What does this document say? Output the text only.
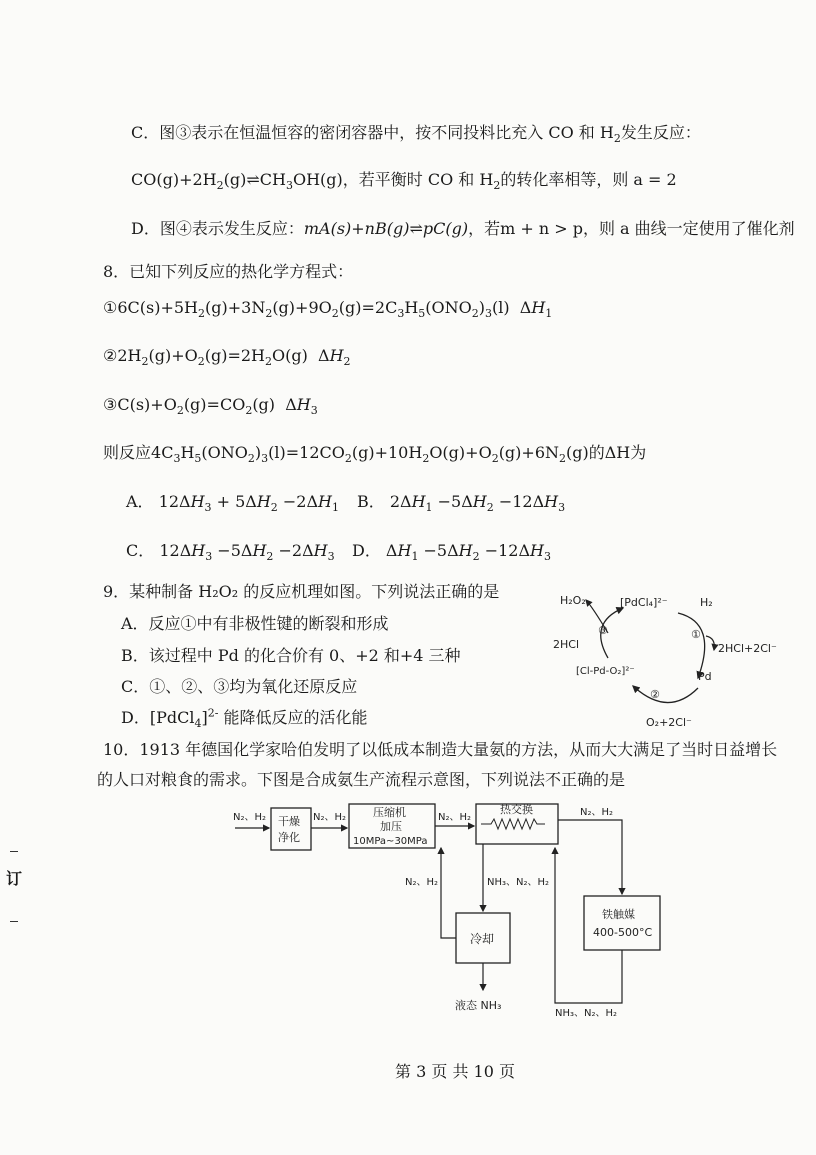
C．图③表示在恒温恒容的密闭容器中，按不同投料比充入 CO 和 $H_2$发生反应：
$CO(g)+2H_2(g)\rightleftharpoons CH_3OH(g)$，若平衡时 CO 和 $H_2$的转化率相等，则 a = 2
D．图④表示发生反应：mA(s)+nB(g)⇌pC(g)，若m + n > p，则 a 曲线一定使用了催化剂
8．已知下列反应的热化学方程式：
$①6C(s)+5H_2(g)+3N_2(g)+9O_2(g)=2C_3H_5(ONO_2)_3(l)$  $\Delta H_1$
$②2H_2(g)+O_2(g)=2H_2O(g)$  $\Delta H_2$
$③C(s)+O_2(g)=CO_2(g)$  $\Delta H_3$
则反应$4C_3H_5(ONO_2)_3(l)=12CO_2(g)+10H_2O(g)+O_2(g)+6N_2(g)$的ΔH为
A． $12\Delta H_3 + 5\Delta H_2 -2\Delta H_1$ B． $2\Delta H_1 -5\Delta H_2 -12\Delta H_3$
C． $12\Delta H_3 -5\Delta H_2 -2\Delta H_3$ D． $\Delta H_1 -5\Delta H_2 -12\Delta H_3$
9．某种制备 H₂O₂ 的反应机理如图。下列说法正确的是
A．反应①中有非极性键的断裂和形成
B．该过程中 Pd 的化合价有 0、+2 和+4 三种
C．①、②、③均为氧化还原反应
D．[PdCl$_4$]$^{2-}$ 能降低反应的活化能
[PdCl₄]²⁻	H₂
H₂O₂
2HCl
③	①
2HCl+2Cl⁻
Pd
[Cl-Pd-O₂]²⁻
②
O₂+2Cl⁻
10．1913 年德国化学家哈伯发明了以低成本制造大量氨的方法，从而大大满足了当时日益增长
的人口对粮食的需求。下图是合成氨生产流程示意图，下列说法不正确的是
N₂、H₂ 干燥
净化
N₂、H₂ 压缩机
加压
10MPa~30MPa
N₂、H₂
热交换	N₂、H₂
N₂、H₂	NH₃、N₂、H₂
冷却
液态 NH₃
铁触媒
400-500°C
NH₃、N₂、H₂
第 3 页 共 10 页
订
